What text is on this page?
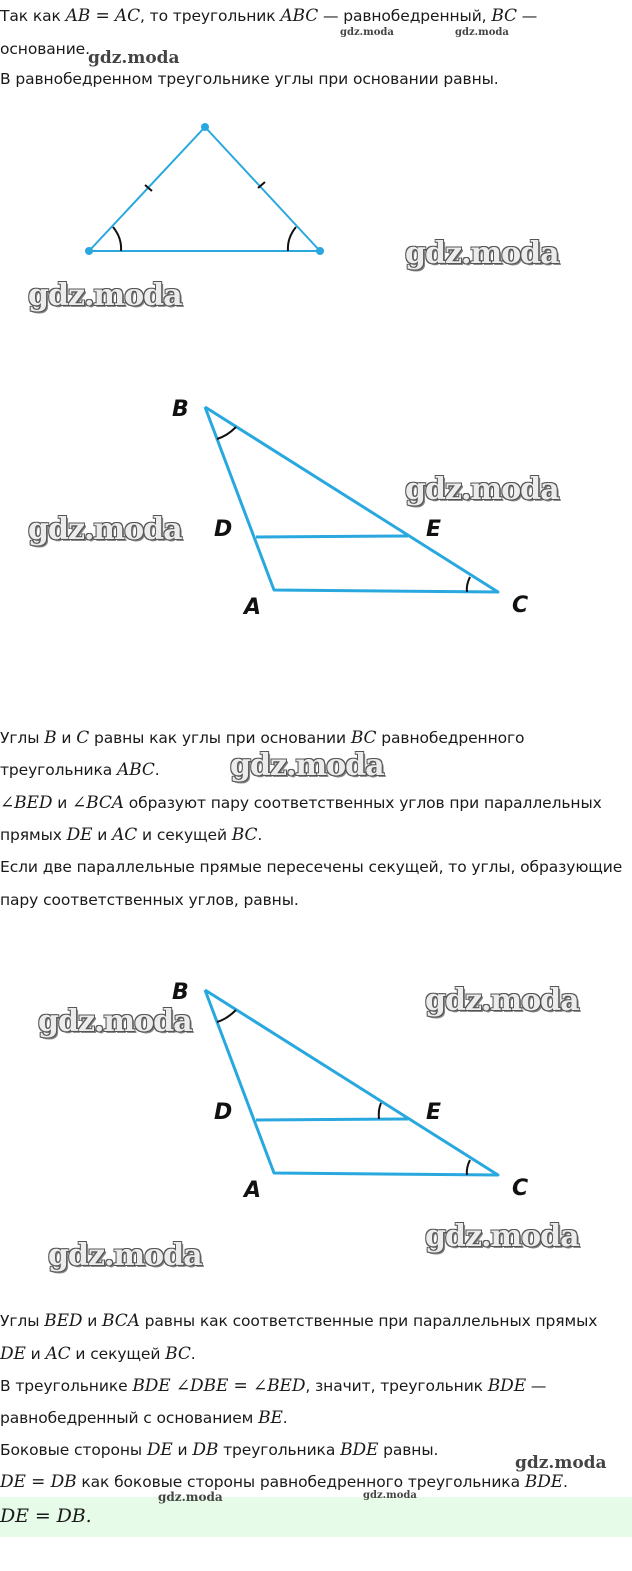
Так как AB = AC, то треугольник ABC — равнобедренный, BC —
основание.
В равнобедренном треугольнике углы при основании равны.
B
D	E
A	C
Углы B и C равны как углы при основании BC равнобедренного
треугольника ABC.
∠BED и ∠BCA образуют пару соответственных углов при параллельных
прямых DE и AC и секущей BC.
Если две параллельные прямые пересечены секущей, то углы, образующие
пару соответственных углов, равны.
B
D	E
A	C
Углы BED и BCA равны как соответственные при параллельных прямых
DE и AC и секущей BC.
В треугольнике BDE ∠DBE = ∠BED, значит, треугольник BDE —
равнобедренный с основанием BE.
Боковые стороны DE и DB треугольника BDE равны.
DE = DB как боковые стороны равнобедренного треугольника BDE.
DE = DB.
gdz.moda
gdz.moda	gdz.moda
gdz.moda
gdz.moda
gdz.moda
gdz.moda
gdz.moda
gdz.moda
gdz.moda
gdz.moda
gdz.moda
gdz.moda
gdz.moda	gdz.moda
